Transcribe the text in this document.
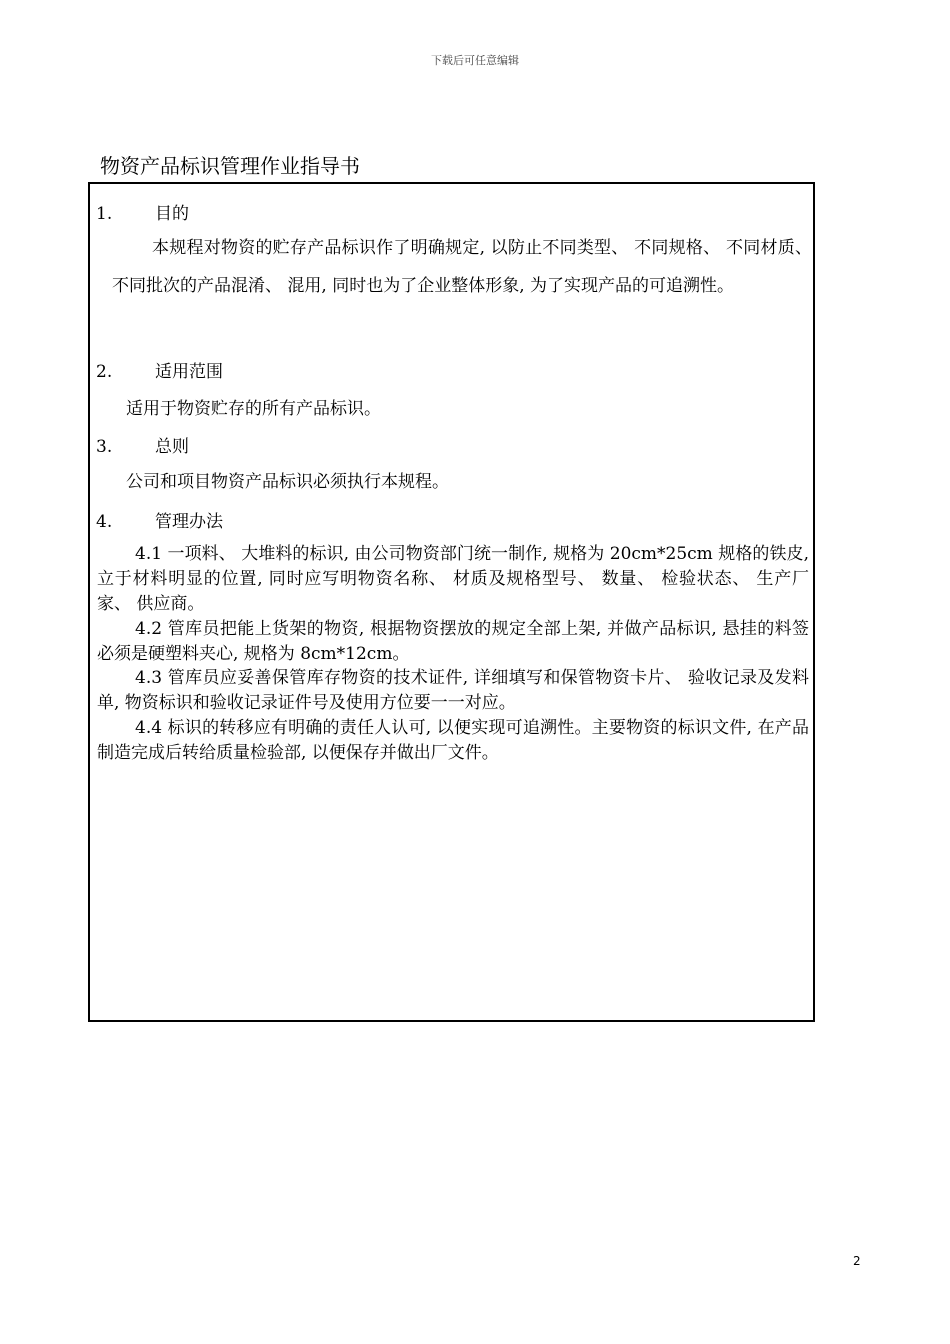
下载后可任意编辑
物资产品标识管理作业指导书
1.	目的
本规程对物资的贮存产品标识作了明确规定, 以防止不同类型、 不同规格、 不同材质、 不同批次的产品混淆、 混用, 同时也为了企业整体形象, 为了实现产品的可追溯性。
2.	适用范围
适用于物资贮存的所有产品标识。
3.	总则
公司和项目物资产品标识必须执行本规程。
4.	管理办法
4.1 一项料、 大堆料的标识, 由公司物资部门统一制作, 规格为 20cm*25cm 规格的铁皮, 立于材料明显的位置, 同时应写明物资名称、 材质及规格型号、 数量、 检验状态、 生产厂家、 供应商。
4.2 管库员把能上货架的物资, 根据物资摆放的规定全部上架, 并做产品标识, 悬挂的料签必须是硬塑料夹心, 规格为 8cm*12cm。
4.3 管库员应妥善保管库存物资的技术证件, 详细填写和保管物资卡片、 验收记录及发料单, 物资标识和验收记录证件号及使用方位要一一对应。
4.4 标识的转移应有明确的责任人认可, 以便实现可追溯性。主要物资的标识文件, 在产品制造完成后转给质量检验部, 以便保存并做出厂文件。
2
